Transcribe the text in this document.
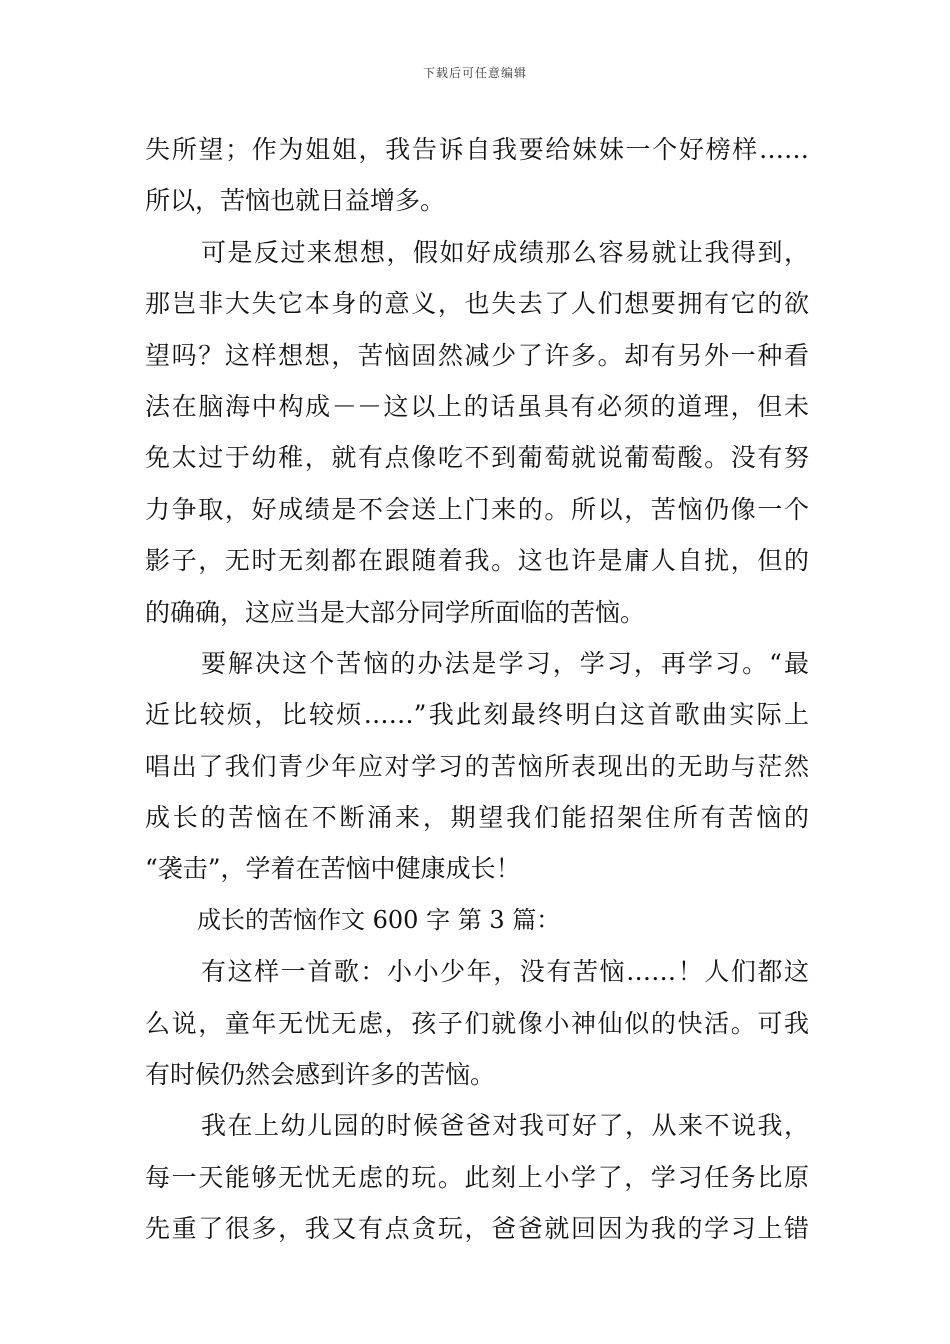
下载后可任意编辑
失所望；作为姐姐，我告诉自我要给妹妹一个好榜样……
所以，苦恼也就日益增多。
可是反过来想想，假如好成绩那么容易就让我得到，
那岂非大失它本身的意义，也失去了人们想要拥有它的欲
望吗？这样想想，苦恼固然减少了许多。却有另外一种看
法在脑海中构成－－这以上的话虽具有必须的道理，但未
免太过于幼稚，就有点像吃不到葡萄就说葡萄酸。没有努
力争取，好成绩是不会送上门来的。所以，苦恼仍像一个
影子，无时无刻都在跟随着我。这也许是庸人自扰，但的
的确确，这应当是大部分同学所面临的苦恼。
要解决这个苦恼的办法是学习，学习，再学习。“最
近比较烦，比较烦……”我此刻最终明白这首歌曲实际上
唱出了我们青少年应对学习的苦恼所表现出的无助与茫然
成长的苦恼在不断涌来，期望我们能招架住所有苦恼的
“袭击”，学着在苦恼中健康成长！
成长的苦恼作文 600 字 第 3 篇：
有这样一首歌：小小少年，没有苦恼……！人们都这
么说，童年无忧无虑，孩子们就像小神仙似的快活。可我
有时候仍然会感到许多的苦恼。
我在上幼儿园的时候爸爸对我可好了，从来不说我，
每一天能够无忧无虑的玩。此刻上小学了，学习任务比原
先重了很多，我又有点贪玩，爸爸就回因为我的学习上错
